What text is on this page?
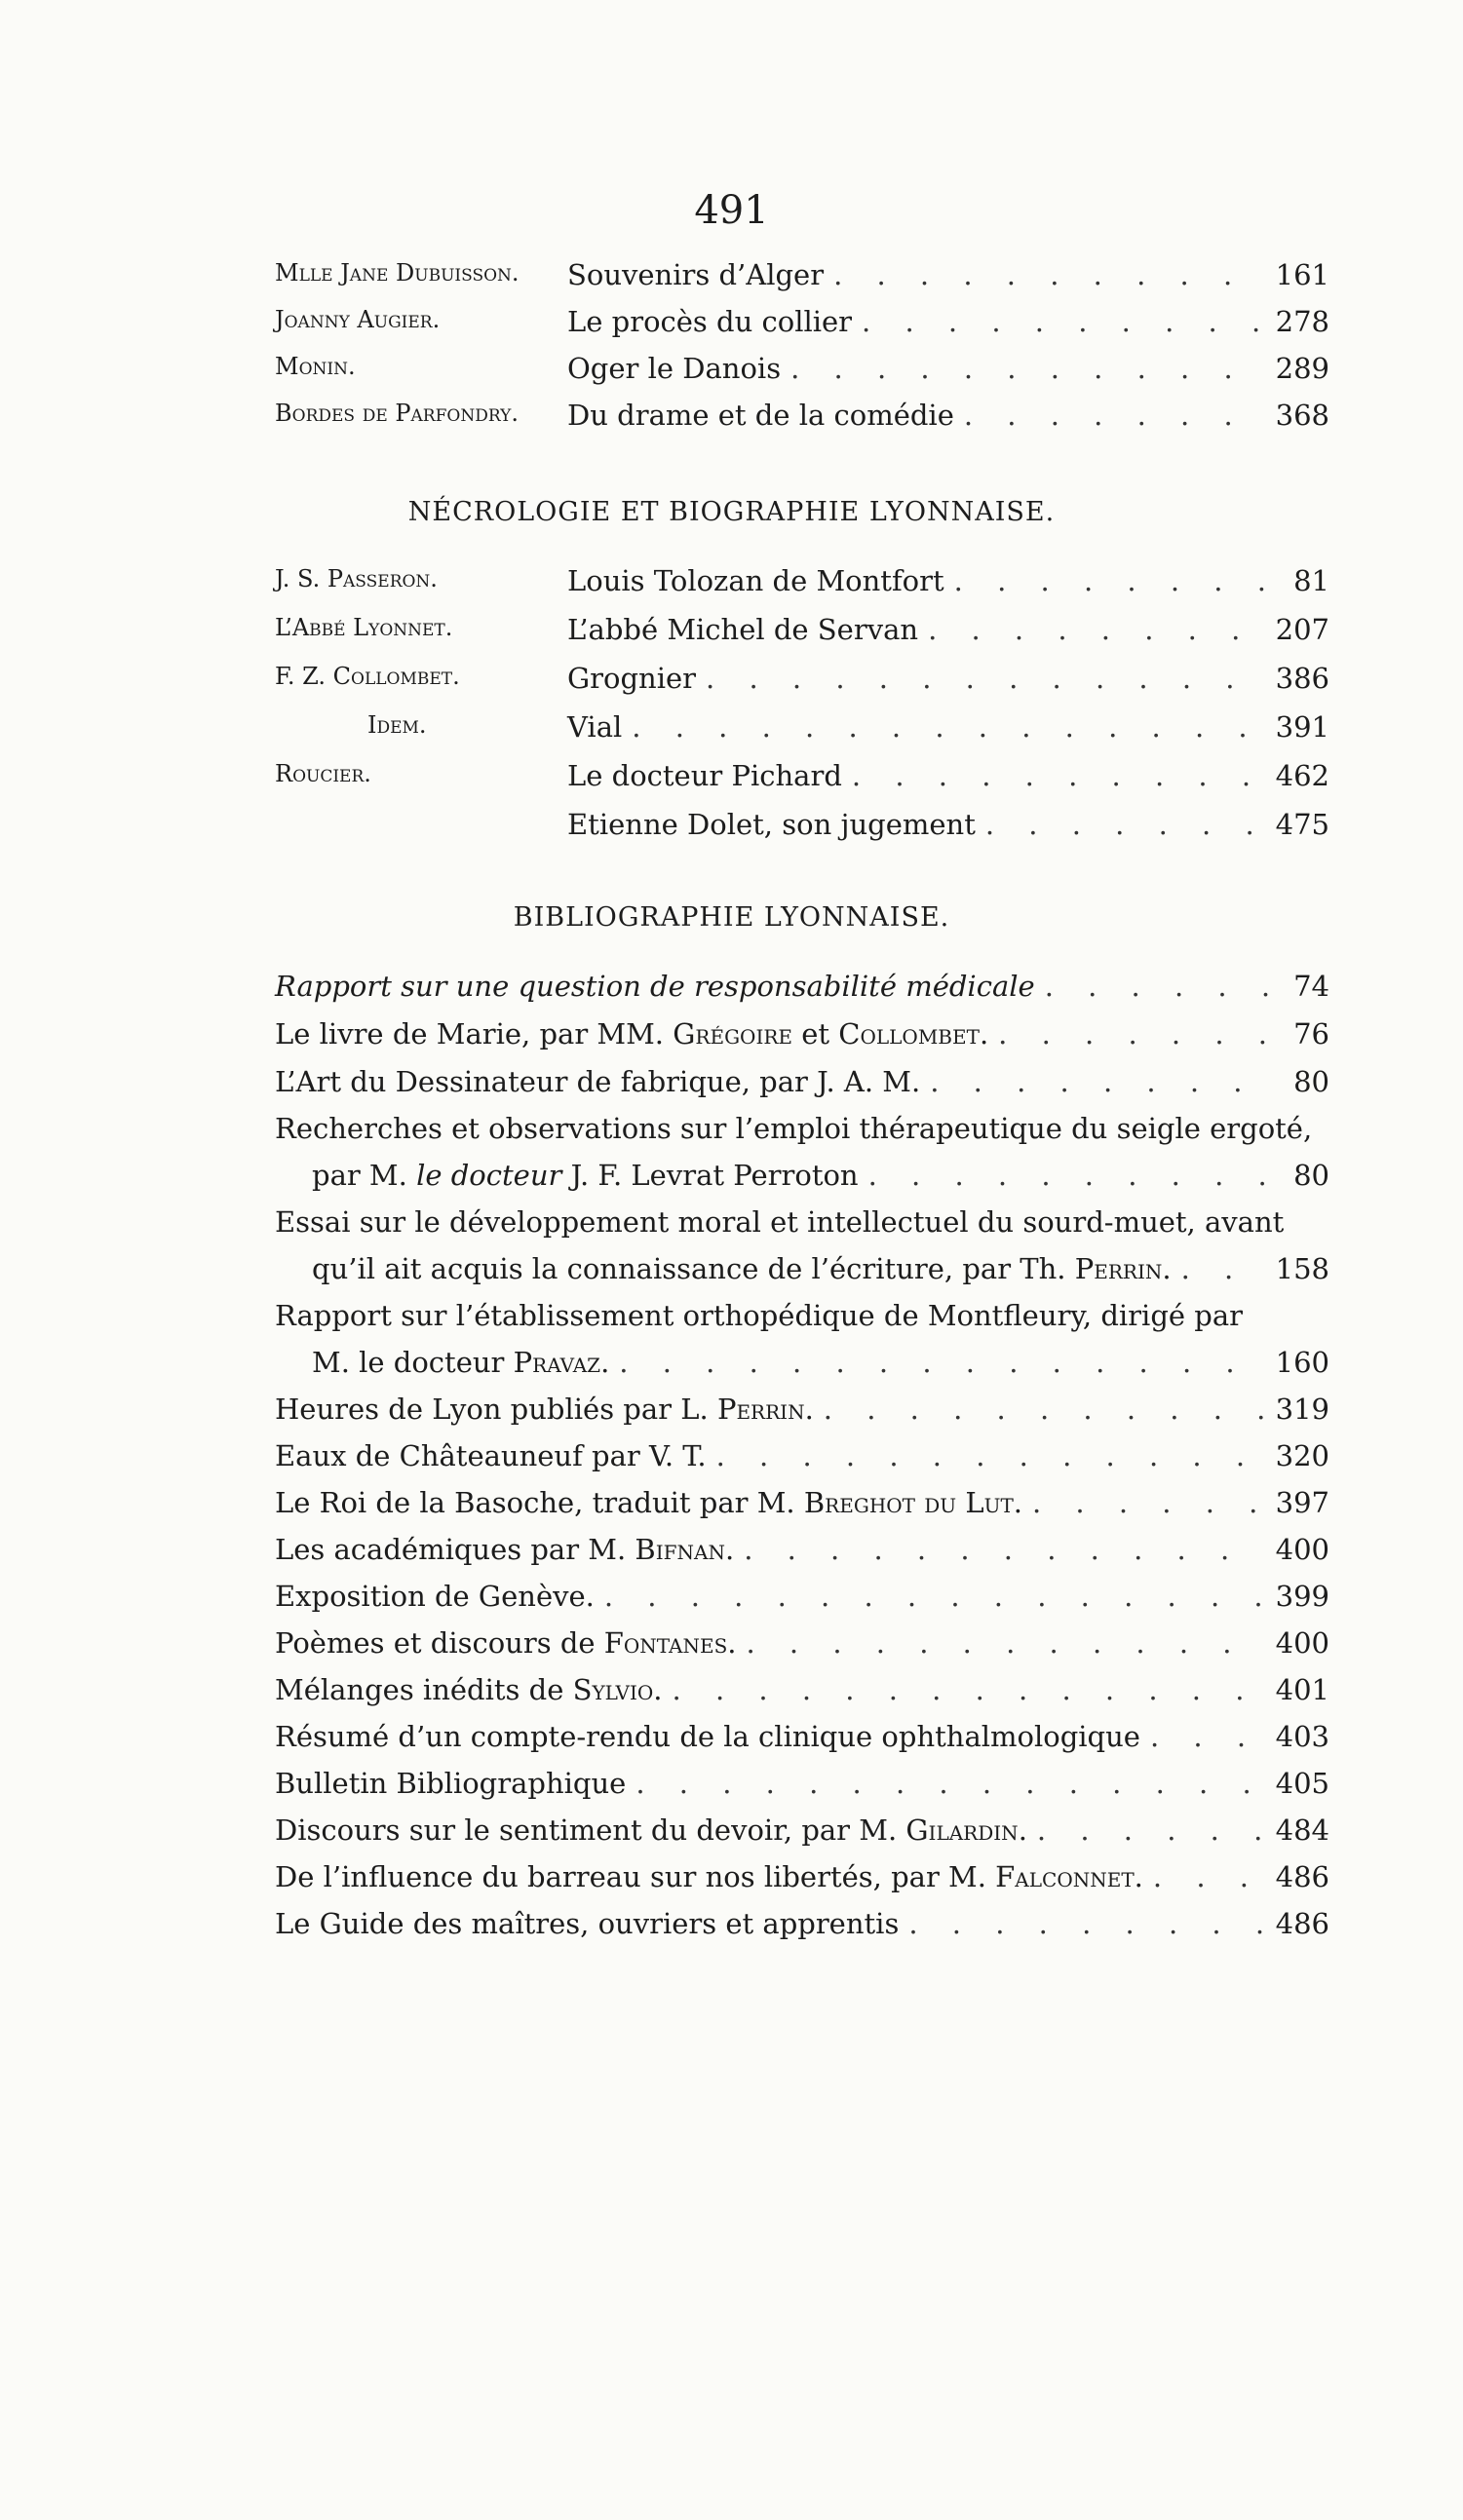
491
Mlle Jane Dubuisson.	Souvenirs d’Alger . . .	161
Joanny Augier.	Le procès du collier . . .	278
Monin.	Oger le Danois . . .	289
Bordes de Parfondry.	Du drame et de la comédie . . .	368
NÉCROLOGIE ET BIOGRAPHIE LYONNAISE.
J. S. Passeron.	Louis Tolozan de Montfort . . .	81
L’Abbé Lyonnet.	L’abbé Michel de Servan . . .	207
F. Z. Collombet.	Grognier . . .	386
Idem.	Vial . . .	391
Roucier.	Le docteur Pichard . . .	462
Etienne Dolet, son jugement . . .	475
BIBLIOGRAPHIE LYONNAISE.
Rapport sur une question de responsabilité médicale . . .	74
Le livre de Marie, par MM. Grégoire et Collombet. . . .	76
L’Art du Dessinateur de fabrique, par J. A. M. . . .	80
Recherches et observations sur l’emploi thérapeutique du seigle ergoté,
par M. le docteur J. F. Levrat Perroton . . .	80
Essai sur le développement moral et intellectuel du sourd-muet, avant
qu’il ait acquis la connaissance de l’écriture, par Th. Perrin. . . .	158
Rapport sur l’établissement orthopédique de Montfleury, dirigé par
M. le docteur Pravaz. . . .	160
Heures de Lyon publiés par L. Perrin. . . .	319
Eaux de Châteauneuf par V. T. . . .	320
Le Roi de la Basoche, traduit par M. Breghot du Lut. . . .	397
Les académiques par M. Bifnan. . . .	400
Exposition de Genève. . . .	399
Poèmes et discours de Fontanes. . . .	400
Mélanges inédits de Sylvio. . . .	401
Résumé d’un compte-rendu de la clinique ophthalmologique . . .	403
Bulletin Bibliographique . . .	405
Discours sur le sentiment du devoir, par M. Gilardin. . . .	484
De l’influence du barreau sur nos libertés, par M. Falconnet. . . .	486
Le Guide des maîtres, ouvriers et apprentis . . .	486
